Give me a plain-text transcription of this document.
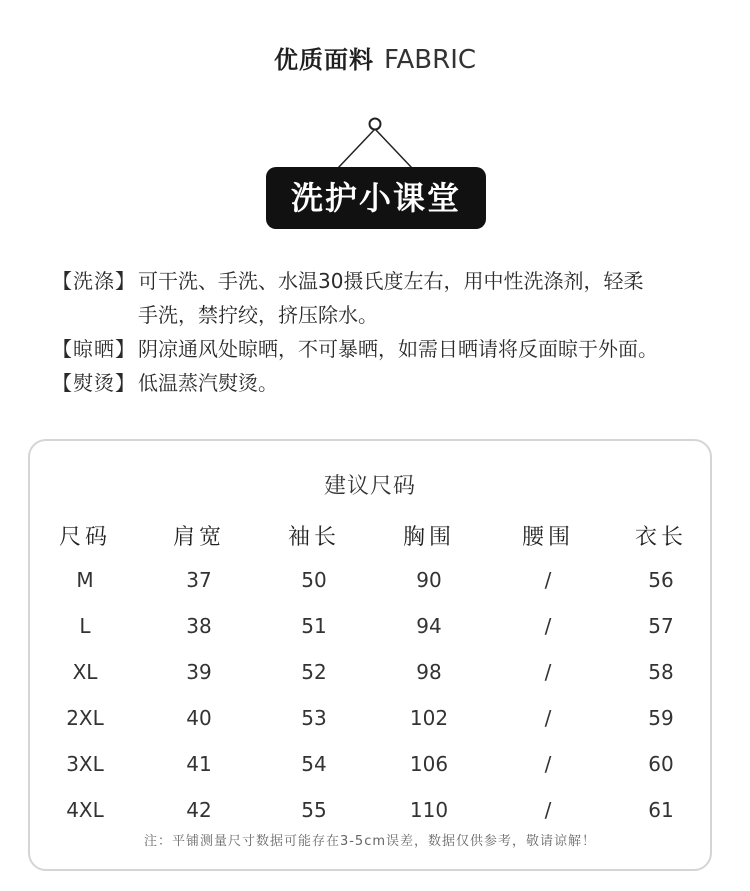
优质面料 FABRIC
洗护小课堂
【洗涤】 可干洗、手洗、水温30摄氏度左右，用中性洗涤剂，轻柔
手洗，禁拧绞，挤压除水。
【晾晒】 阴凉通风处晾晒，不可暴晒，如需日晒请将反面晾于外面。
【熨烫】 低温蒸汽熨烫。
建议尺码
尺码	肩宽	袖长	胸围	腰围	衣长
M	37	50	90	/	56
L	38	51	94	/	57
XL	39	52	98	/	58
2XL	40	53	102	/	59
3XL	41	54	106	/	60
4XL	42	55	110	/	61
注：平铺测量尺寸数据可能存在3-5cm误差，数据仅供参考，敬请谅解！
